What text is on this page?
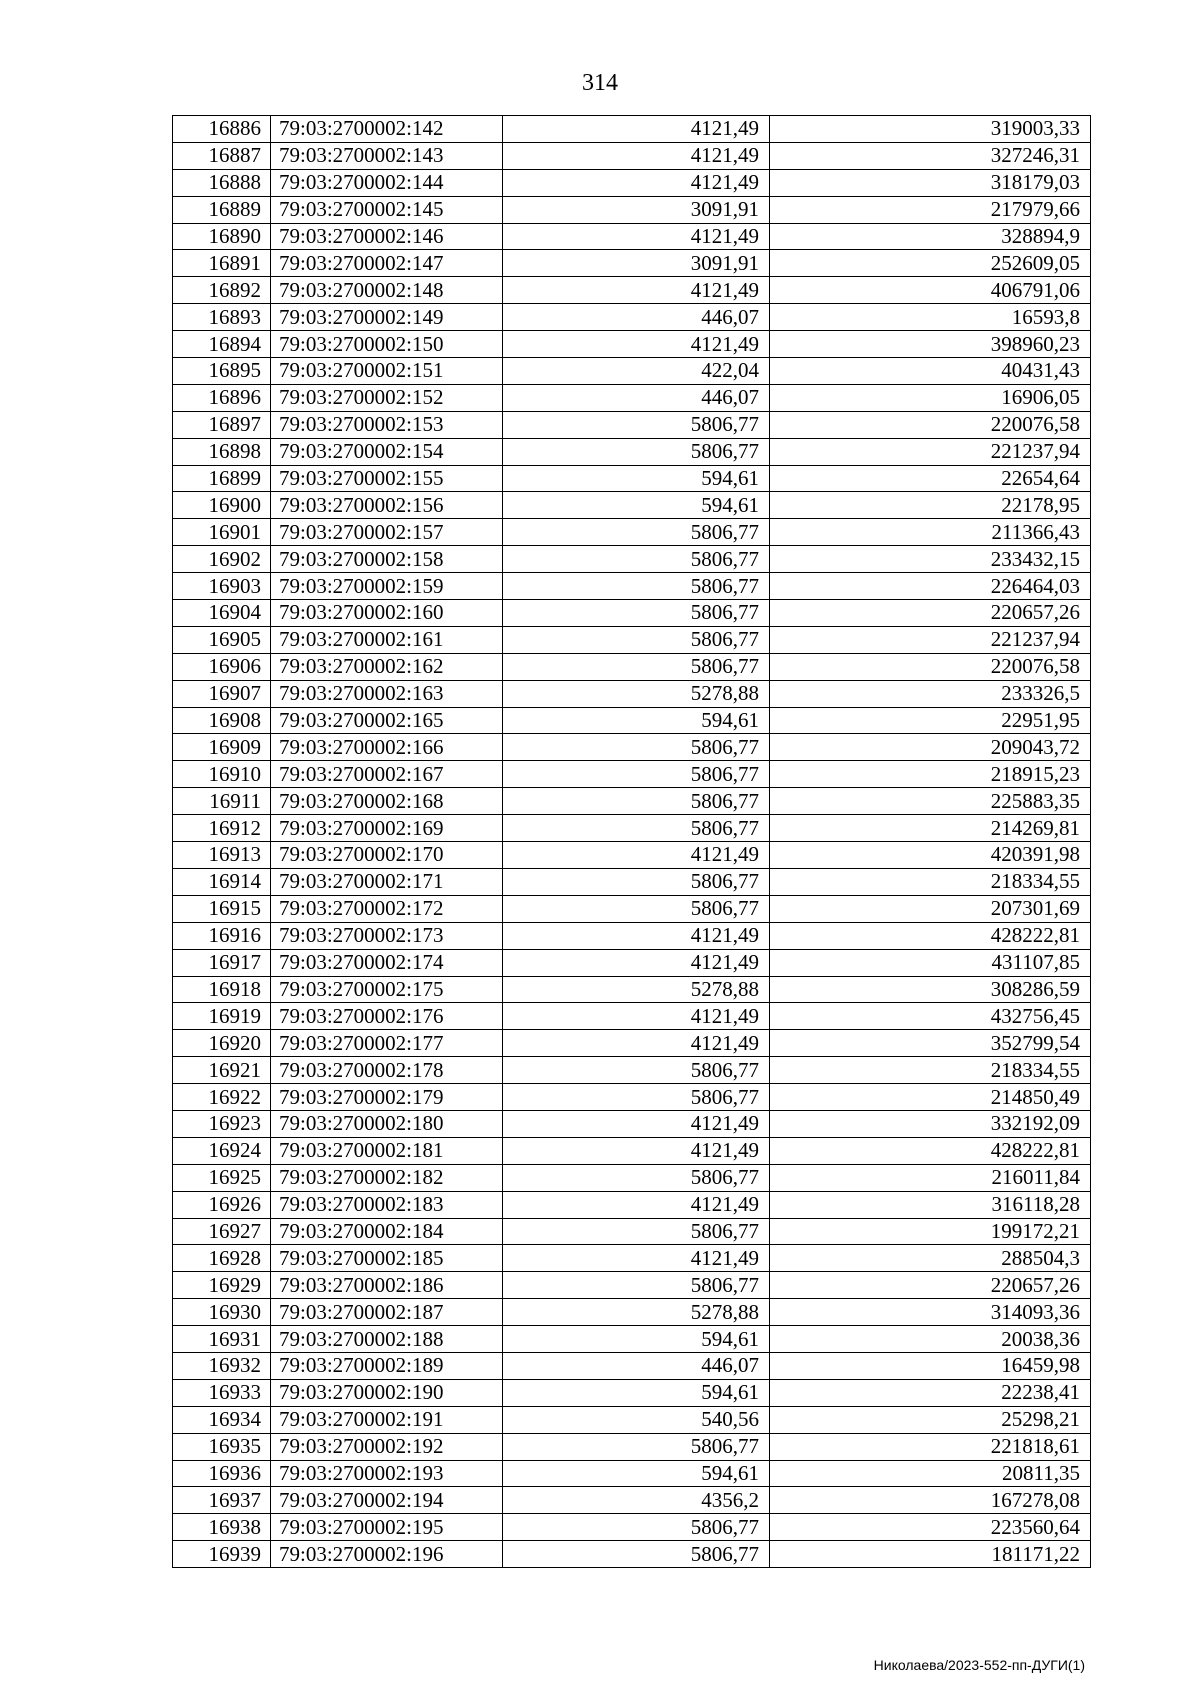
314
16886	79:03:2700002:142	4121,49	319003,33
16887	79:03:2700002:143	4121,49	327246,31
16888	79:03:2700002:144	4121,49	318179,03
16889	79:03:2700002:145	3091,91	217979,66
16890	79:03:2700002:146	4121,49	328894,9
16891	79:03:2700002:147	3091,91	252609,05
16892	79:03:2700002:148	4121,49	406791,06
16893	79:03:2700002:149	446,07	16593,8
16894	79:03:2700002:150	4121,49	398960,23
16895	79:03:2700002:151	422,04	40431,43
16896	79:03:2700002:152	446,07	16906,05
16897	79:03:2700002:153	5806,77	220076,58
16898	79:03:2700002:154	5806,77	221237,94
16899	79:03:2700002:155	594,61	22654,64
16900	79:03:2700002:156	594,61	22178,95
16901	79:03:2700002:157	5806,77	211366,43
16902	79:03:2700002:158	5806,77	233432,15
16903	79:03:2700002:159	5806,77	226464,03
16904	79:03:2700002:160	5806,77	220657,26
16905	79:03:2700002:161	5806,77	221237,94
16906	79:03:2700002:162	5806,77	220076,58
16907	79:03:2700002:163	5278,88	233326,5
16908	79:03:2700002:165	594,61	22951,95
16909	79:03:2700002:166	5806,77	209043,72
16910	79:03:2700002:167	5806,77	218915,23
16911	79:03:2700002:168	5806,77	225883,35
16912	79:03:2700002:169	5806,77	214269,81
16913	79:03:2700002:170	4121,49	420391,98
16914	79:03:2700002:171	5806,77	218334,55
16915	79:03:2700002:172	5806,77	207301,69
16916	79:03:2700002:173	4121,49	428222,81
16917	79:03:2700002:174	4121,49	431107,85
16918	79:03:2700002:175	5278,88	308286,59
16919	79:03:2700002:176	4121,49	432756,45
16920	79:03:2700002:177	4121,49	352799,54
16921	79:03:2700002:178	5806,77	218334,55
16922	79:03:2700002:179	5806,77	214850,49
16923	79:03:2700002:180	4121,49	332192,09
16924	79:03:2700002:181	4121,49	428222,81
16925	79:03:2700002:182	5806,77	216011,84
16926	79:03:2700002:183	4121,49	316118,28
16927	79:03:2700002:184	5806,77	199172,21
16928	79:03:2700002:185	4121,49	288504,3
16929	79:03:2700002:186	5806,77	220657,26
16930	79:03:2700002:187	5278,88	314093,36
16931	79:03:2700002:188	594,61	20038,36
16932	79:03:2700002:189	446,07	16459,98
16933	79:03:2700002:190	594,61	22238,41
16934	79:03:2700002:191	540,56	25298,21
16935	79:03:2700002:192	5806,77	221818,61
16936	79:03:2700002:193	594,61	20811,35
16937	79:03:2700002:194	4356,2	167278,08
16938	79:03:2700002:195	5806,77	223560,64
16939	79:03:2700002:196	5806,77	181171,22
Николаева/2023-552-пп-ДУГИ(1)
